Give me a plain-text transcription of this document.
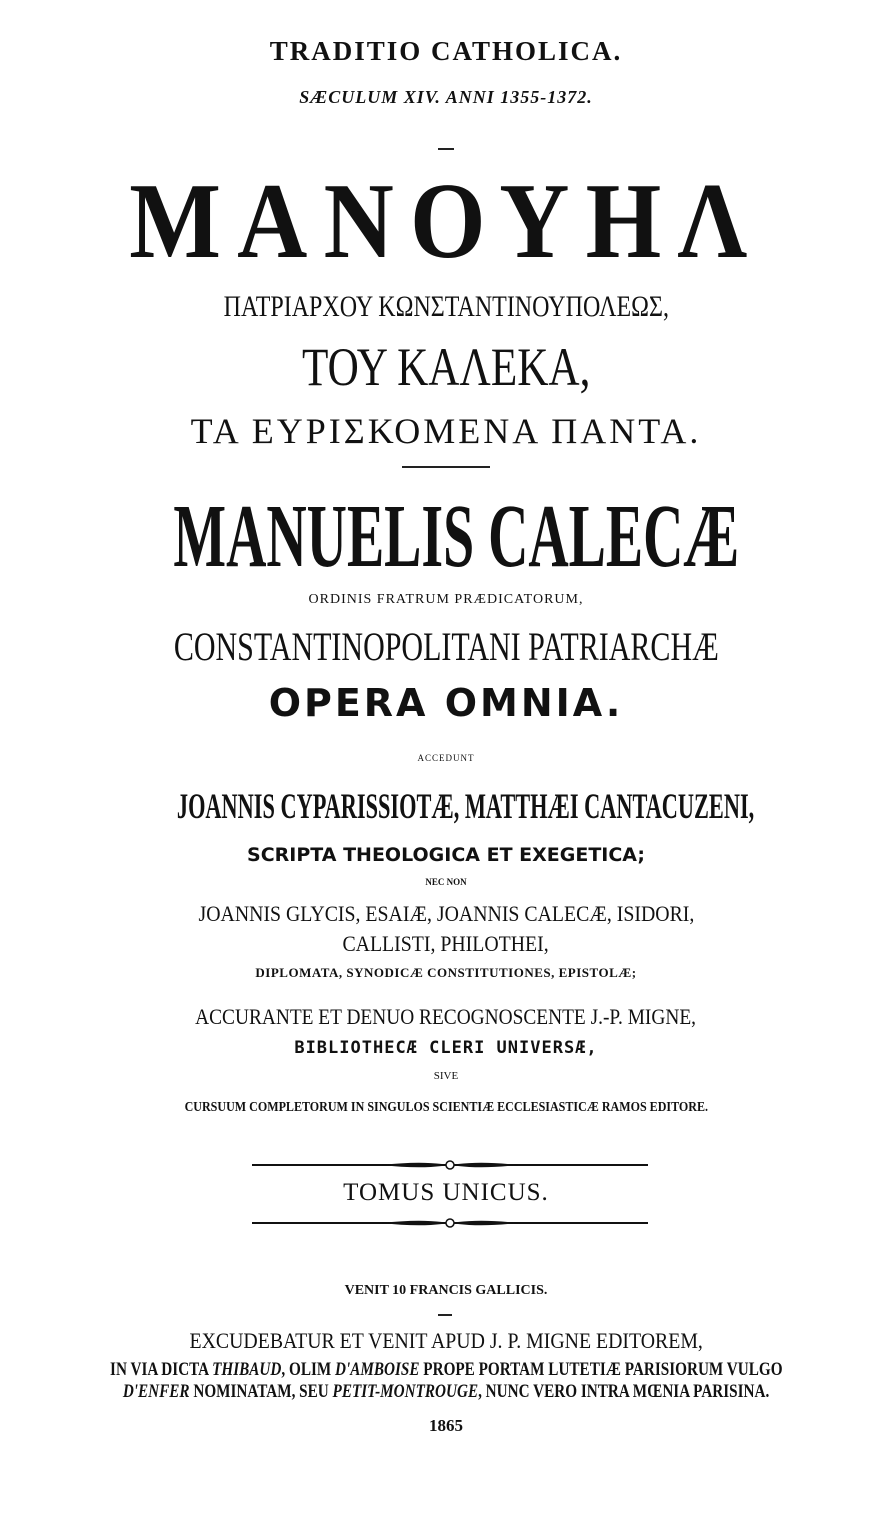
TRADITIO CATHOLICA.
SÆCULUM XIV. ANNI 1355-1372.
ΜΑΝΟΥΗΛ
ΠΑΤΡΙΑΡΧΟΥ ΚΩΝΣΤΑΝΤΙΝΟΥΠΟΛΕΩΣ,
ΤΟΥ ΚΑΛΕΚΑ,
ΤΑ ΕΥΡΙΣΚΟΜΕΝΑ ΠΑΝΤΑ.
MANUELIS CALECÆ
ORDINIS FRATRUM PRÆDICATORUM,
CONSTANTINOPOLITANI PATRIARCHÆ
OPERA OMNIA.
ACCEDUNT
JOANNIS CYPARISSIOTÆ, MATTHÆI CANTACUZENI,
SCRIPTA THEOLOGICA ET EXEGETICA;
NEC NON
JOANNIS GLYCIS, ESAIÆ, JOANNIS CALECÆ, ISIDORI,
CALLISTI, PHILOTHEI,
DIPLOMATA, SYNODICÆ CONSTITUTIONES, EPISTOLÆ;
ACCURANTE ET DENUO RECOGNOSCENTE J.-P. MIGNE,
BIBLIOTHECÆ CLERI UNIVERSÆ,
SIVE
CURSUUM COMPLETORUM IN SINGULOS SCIENTIÆ ECCLESIASTICÆ RAMOS EDITORE.
TOMUS UNICUS.
VENIT 10 FRANCIS GALLICIS.
EXCUDEBATUR ET VENIT APUD J. P. MIGNE EDITOREM,
IN VIA DICTA THIBAUD, OLIM D'AMBOISE PROPE PORTAM LUTETIÆ PARISIORUM VULGO
D'ENFER NOMINATAM, SEU PETIT-MONTROUGE, NUNC VERO INTRA MŒNIA PARISINA.
1865
